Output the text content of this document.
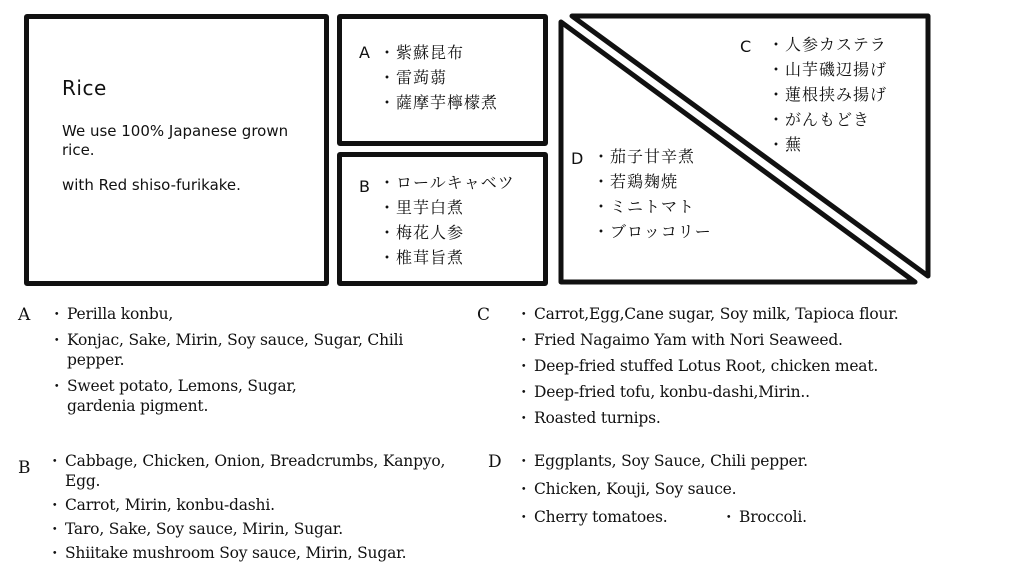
Rice

We use 100% Japanese grown rice.

with Red shiso-furikake.

A	・ 紫蘇昆布
・ 雷蒟蒻
・ 薩摩芋檸檬煮
B	・ ロールキャベツ
・ 里芋白煮
・ 梅花人参
・ 椎茸旨煮
C	・ 人参カステラ
・ 山芋磯辺揚げ
・ 蓮根挟み揚げ
・ がんもどき
・ 蕪
D	・ 茄子甘辛煮
・ 若鶏麹焼
・ ミニトマト
・ ブロッコリー
A	・ Perilla konbu,
・ Konjac, Sake, Mirin, Soy sauce, Sugar, Chili pepper.
・ Sweet potato, Lemons, Sugar, gardenia pigment.
B	・ Cabbage, Chicken, Onion, Breadcrumbs, Kanpyo, Egg.
・ Carrot, Mirin, konbu-dashi.
・ Taro, Sake, Soy sauce, Mirin, Sugar.
・ Shiitake mushroom Soy sauce, Mirin, Sugar.
C	・ Carrot,Egg,Cane sugar, Soy milk, Tapioca flour.
・ Fried Nagaimo Yam with Nori Seaweed.
・ Deep-fried stuffed Lotus Root, chicken meat.
・ Deep-fried tofu, konbu-dashi,Mirin..
・ Roasted turnips.
D	・ Eggplants, Soy Sauce, Chili pepper.
・ Chicken, Kouji, Soy sauce.
・ Cherry tomatoes.	・ Broccoli.
